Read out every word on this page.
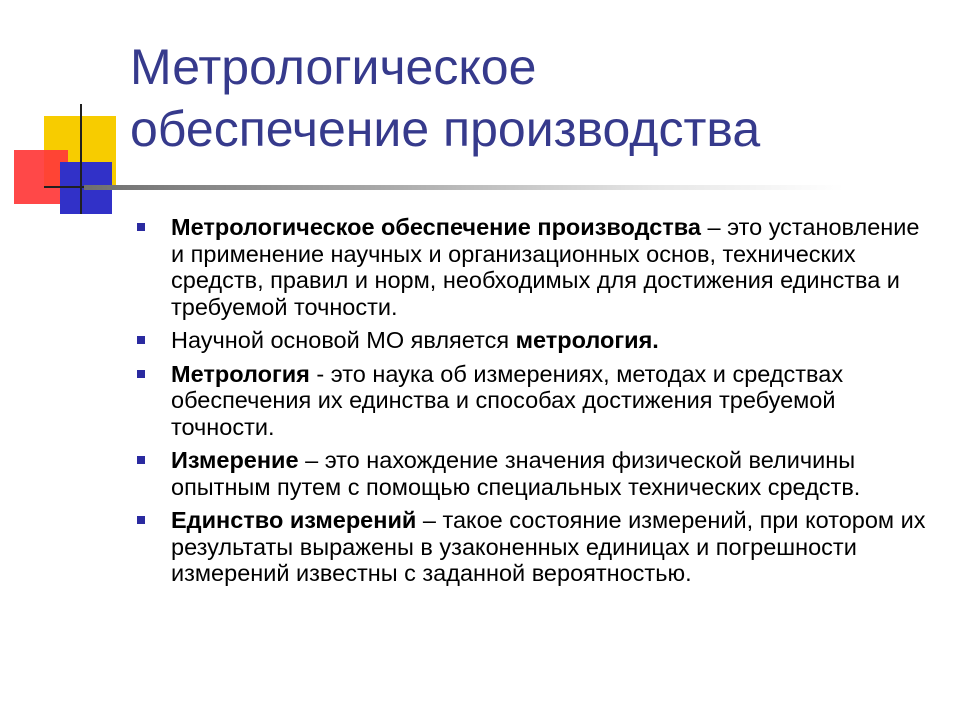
Метрологическое
обеспечение производства
Метрологическое обеспечение производства – это установление и применение научных и организационных основ, технических средств, правил и норм, необходимых для достижения единства и требуемой точности.
Научной основой МО является метрология.
Метрология - это наука об измерениях, методах и средствах обеспечения их единства и способах достижения требуемой точности.
Измерение – это нахождение значения физической величины опытным путем с помощью специальных технических средств.
Единство измерений – такое состояние измерений, при котором их результаты выражены в узаконенных единицах и погрешности измерений известны с заданной вероятностью.
